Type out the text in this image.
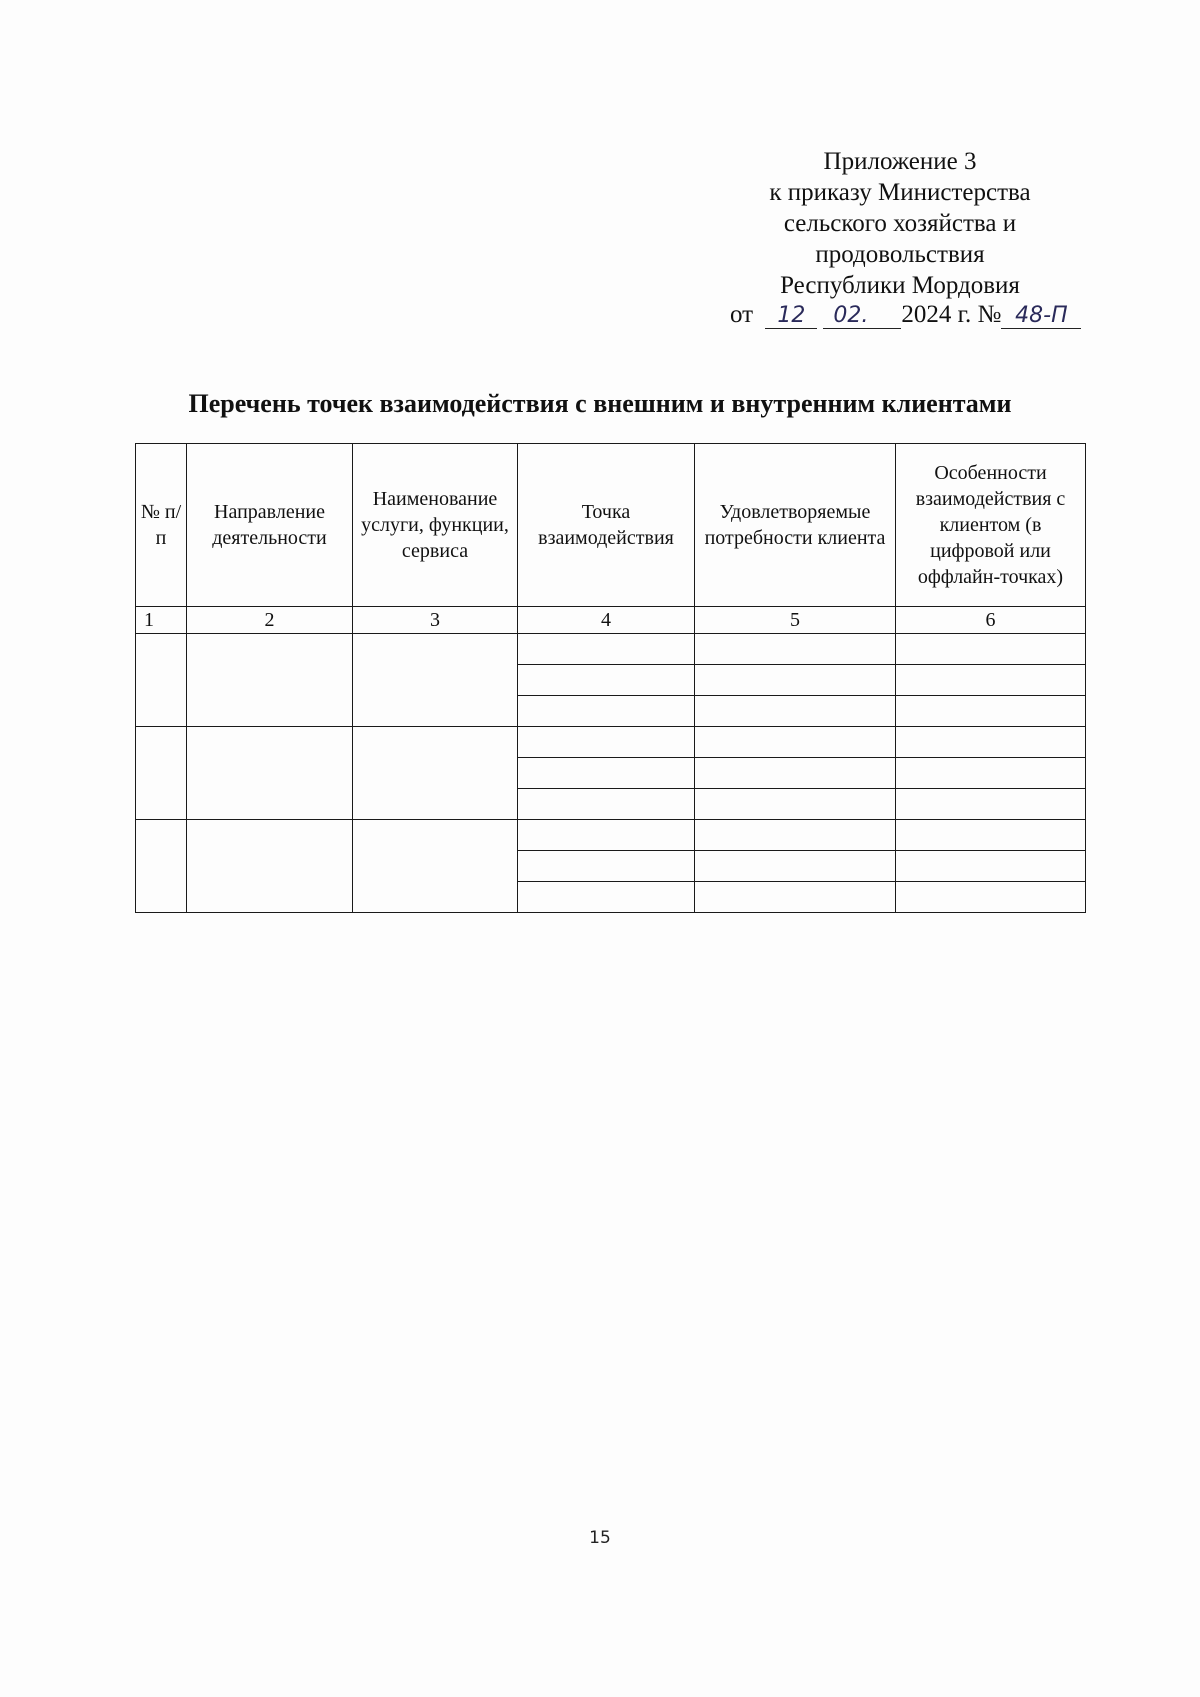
Приложение 3
к приказу Министерства
сельского хозяйства и
продовольствия
Республики Мордовия
от 12 02. 2024 г. № 48-П
Перечень точек взаимодействия с внешним и внутренним клиентами
№ п/п	Направление деятельности	Наименование услуги, функции, сервиса	Точка взаимодействия	Удовлетворяемые потребности клиента	Особенности взаимодействия с клиентом (в цифровой или оффлайн-точках)
1	2	3	4	5	6

15
